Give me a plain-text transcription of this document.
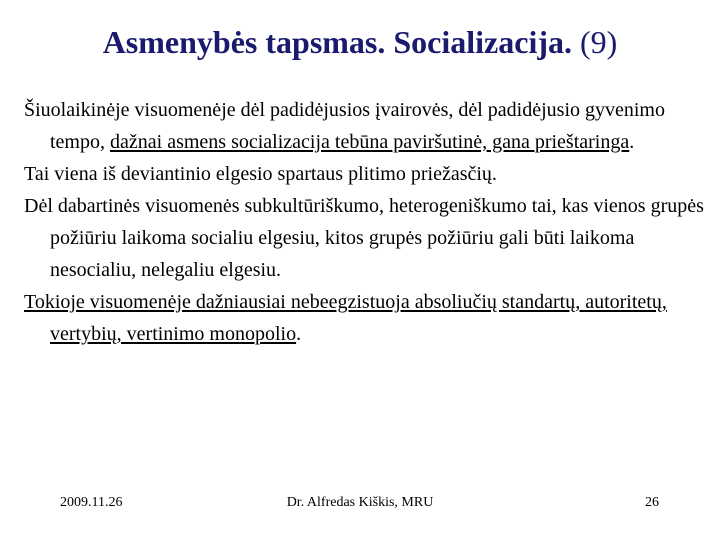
Asmenybės tapsmas. Socializacija. (9)

Šiuolaikinėje visuomenėje dėl padidėjusios įvairovės, dėl padidėjusio gyvenimo tempo, dažnai asmens socializacija tebūna paviršutinė, gana prieštaringa.

Tai viena iš deviantinio elgesio spartaus plitimo priežasčių.

Dėl dabartinės visuomenės subkultūriškumo, heterogeniškumo tai, kas vienos grupės požiūriu laikoma socialiu elgesiu, kitos grupės požiūriu gali būti laikoma nesocialiu, nelegaliu elgesiu.

Tokioje visuomenėje dažniausiai nebeegzistuoja absoliučių standartų, autoritetų, vertybių, vertinimo monopolio.

2009.11.26	Dr. Alfredas Kiškis, MRU	26
